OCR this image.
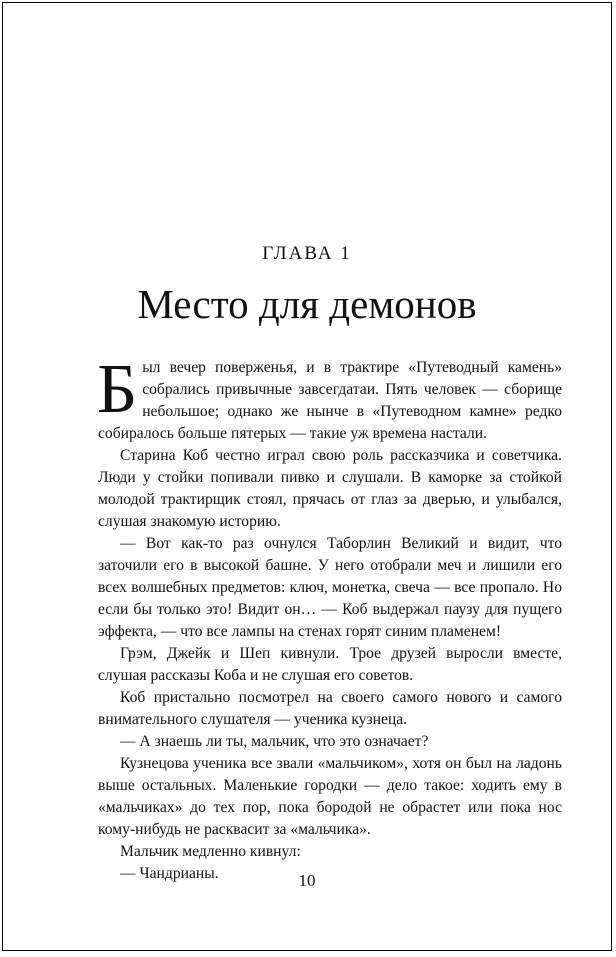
ГЛАВА 1
Место для демонов

Был вечер поверженья, и в трактире «Путеводный камень» собрались привычные завсегдатаи. Пять человек — сборище небольшое; однако же нынче в «Путеводном камне» редко собиралось больше пятерых — такие уж времена настали.

Старина Коб честно играл свою роль рассказчика и советчика. Люди у стойки попивали пивко и слушали. В каморке за стойкой молодой трактирщик стоял, прячась от глаз за дверью, и улыбался, слушая знакомую историю.

— Вот как-то раз очнулся Таборлин Великий и видит, что заточили его в высокой башне. У него отобрали меч и лишили его всех волшебных предметов: ключ, монетка, свеча — все пропало. Но если бы только это! Видит он… — Коб выдержал паузу для пущего эффекта, — что все лампы на стенах горят синим пламенем!

Грэм, Джейк и Шеп кивнули. Трое друзей выросли вместе, слушая рассказы Коба и не слушая его советов.

Коб пристально посмотрел на своего самого нового и самого внимательного слушателя — ученика кузнеца.

— А знаешь ли ты, мальчик, что это означает?

Кузнецова ученика все звали «мальчиком», хотя он был на ладонь выше остальных. Маленькие городки — дело такое: ходить ему в «мальчиках» до тех пор, пока бородой не обрастет или пока нос кому-нибудь не расквасит за «мальчика».

Мальчик медленно кивнул:

— Чандрианы.	10
